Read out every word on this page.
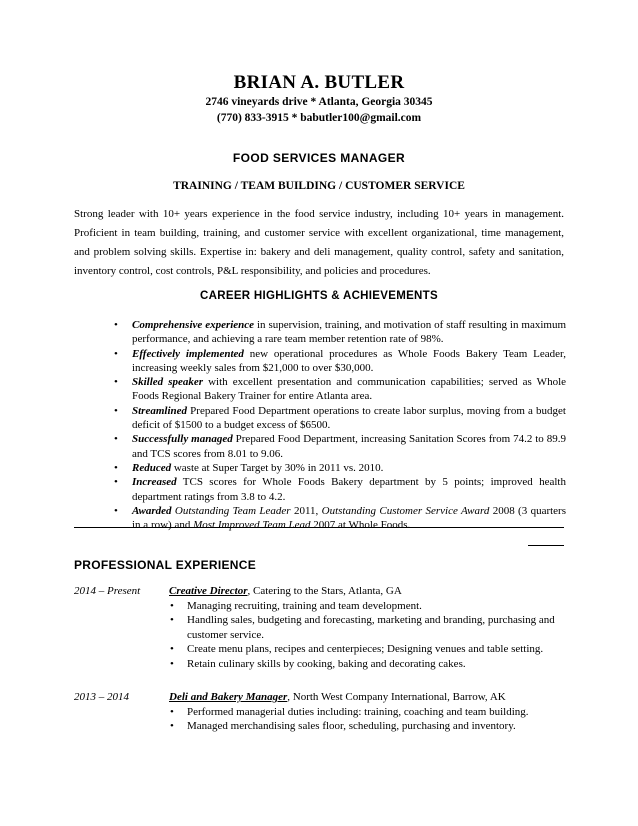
BRIAN A. BUTLER
2746 vineyards drive * Atlanta, Georgia 30345
(770) 833-3915 * babutler100@gmail.com
FOOD SERVICES MANAGER
TRAINING / TEAM BUILDING / CUSTOMER SERVICE
Strong leader with 10+ years experience in the food service industry, including 10+ years in management. Proficient in team building, training, and customer service with excellent organizational, time management, and problem solving skills. Expertise in: bakery and deli management, quality control, safety and sanitation, inventory control, cost controls, P&L responsibility, and policies and procedures.
CAREER HIGHLIGHTS & ACHIEVEMENTS
• Comprehensive experience in supervision, training, and motivation of staff resulting in maximum performance, and achieving a rare team member retention rate of 98%.
• Effectively implemented new operational procedures as Whole Foods Bakery Team Leader, increasing weekly sales from $21,000 to over $30,000.
• Skilled speaker with excellent presentation and communication capabilities; served as Whole Foods Regional Bakery Trainer for entire Atlanta area.
• Streamlined Prepared Food Department operations to create labor surplus, moving from a budget deficit of $1500 to a budget excess of $6500.
• Successfully managed Prepared Food Department, increasing Sanitation Scores from 74.2 to 89.9 and TCS scores from 8.01 to 9.06.
• Reduced waste at Super Target by 30% in 2011 vs. 2010.
• Increased TCS scores for Whole Foods Bakery department by 5 points; improved health department ratings from 3.8 to 4.2.
• Awarded Outstanding Team Leader 2011, Outstanding Customer Service Award 2008 (3 quarters in a row) and Most Improved Team Lead 2007 at Whole Foods.
PROFESSIONAL EXPERIENCE
2014 – Present	Creative Director, Catering to the Stars, Atlanta, GA
• Managing recruiting, training and team development.
• Handling sales, budgeting and forecasting, marketing and branding, purchasing and customer service.
• Create menu plans, recipes and centerpieces; Designing venues and table setting.
• Retain culinary skills by cooking, baking and decorating cakes.
2013 – 2014	Deli and Bakery Manager, North West Company International, Barrow, AK
• Performed managerial duties including: training, coaching and team building.
• Managed merchandising sales floor, scheduling, purchasing and inventory.
